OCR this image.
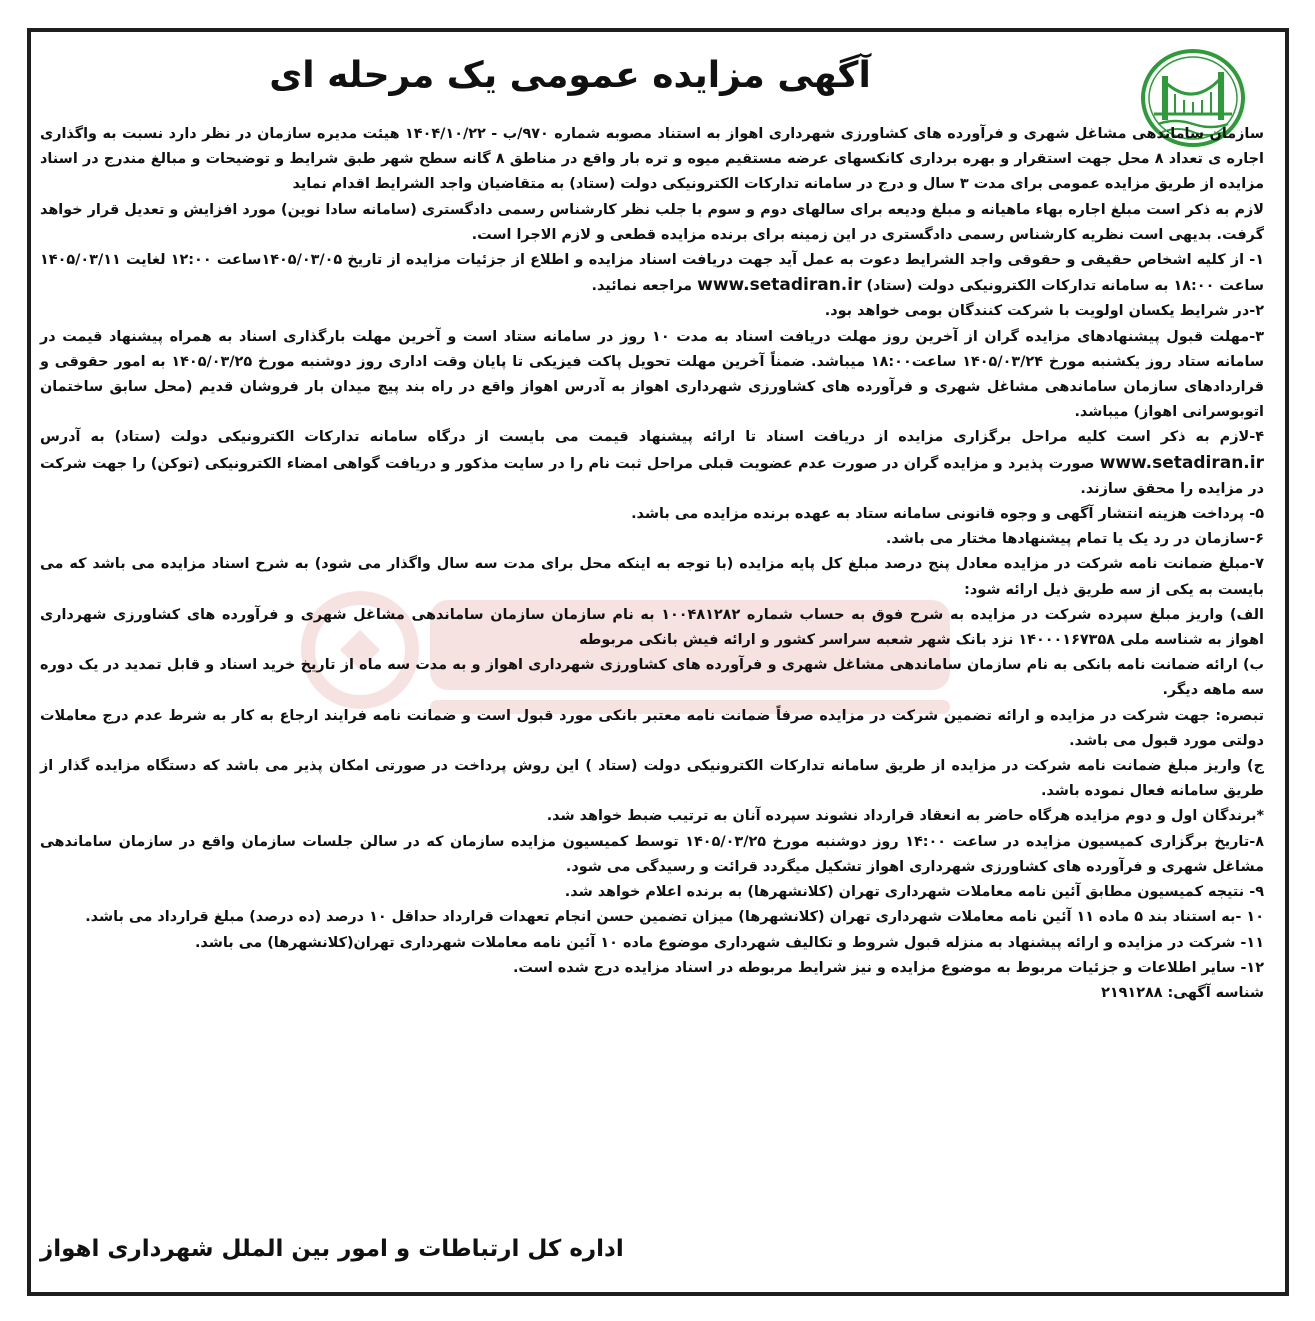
آگهی مزایده عمومی یک مرحله ای

سازمان ساماندهی مشاغل شهری و فرآورده های کشاورزی شهرداری اهواز به استناد مصوبه شماره ۹۷۰/ب - ۱۴۰۴/۱۰/۲۲ هیئت مدیره سازمان در نظر دارد نسبت به واگذاری اجاره ی تعداد ۸ محل جهت استقرار و بهره برداری کانکسهای عرضه مستقیم میوه و تره بار واقع در مناطق ۸ گانه سطح شهر طبق شرایط و توضیحات و مبالغ مندرج در اسناد مزایده از طریق مزایده عمومی برای مدت ۳ سال و درج در سامانه تدارکات الکترونیکی دولت (ستاد) به متقاضیان واجد الشرایط اقدام نماید

لازم به ذکر است مبلغ اجاره بهاء ماهیانه و مبلغ ودیعه برای سالهای دوم و سوم با جلب نظر کارشناس رسمی دادگستری (سامانه سادا نوین) مورد افزایش و تعدیل قرار خواهد گرفت. بدیهی است نظریه کارشناس رسمی دادگستری در این زمینه برای برنده مزایده قطعی و لازم الاجرا است.

۱- از کلیه اشخاص حقیقی و حقوقی واجد الشرایط دعوت به عمل آید جهت دریافت اسناد مزایده و اطلاع از جزئیات مزایده از تاریخ ۱۴۰۵/۰۳/۰۵ساعت ۱۲:۰۰ لغایت ۱۴۰۵/۰۳/۱۱ ساعت ۱۸:۰۰ به سامانه تدارکات الکترونیکی دولت (ستاد) www.setadiran.ir مراجعه نمائید.

۲-در شرایط یکسان اولویت با شرکت کنندگان بومی خواهد بود.

۳-مهلت قبول پیشنهادهای مزایده گران از آخرین روز مهلت دریافت اسناد به مدت ۱۰ روز در سامانه ستاد است و آخرین مهلت بارگذاری اسناد به همراه پیشنهاد قیمت در سامانه ستاد روز یکشنبه مورخ ۱۴۰۵/۰۳/۲۴ ساعت۱۸:۰۰ میباشد. ضمناً آخرین مهلت تحویل پاکت فیزیکی تا پایان وقت اداری روز دوشنبه مورخ ۱۴۰۵/۰۳/۲۵ به امور حقوقی و قراردادهای سازمان ساماندهی مشاغل شهری و فرآورده های کشاورزی شهرداری اهواز به آدرس اهواز واقع در راه بند پیچ میدان بار فروشان قدیم (محل سابق ساختمان اتوبوسرانی اهواز) میباشد.

۴-لازم به ذکر است کلیه مراحل برگزاری مزایده از دریافت اسناد تا ارائه پیشنهاد قیمت می بایست از درگاه سامانه تدارکات الکترونیکی دولت (ستاد) به آدرس www.setadiran.ir صورت پذیرد و مزایده گران در صورت عدم عضویت قبلی مراحل ثبت نام را در سایت مذکور و دریافت گواهی امضاء الکترونیکی (توکن) را جهت شرکت در مزایده را محقق سازند.

۵- پرداخت هزینه انتشار آگهی و وجوه قانونی سامانه ستاد به عهده برنده مزایده می باشد.

۶-سازمان در رد یک یا تمام پیشنهادها مختار می باشد.

۷-مبلغ ضمانت نامه شرکت در مزایده معادل پنج درصد مبلغ کل پایه مزایده (با توجه به اینکه محل برای مدت سه سال واگذار می شود) به شرح اسناد مزایده می باشد که می بایست به یکی از سه طریق ذیل ارائه شود:

الف) واریز مبلغ سپرده شرکت در مزایده به شرح فوق به حساب شماره ۱۰۰۴۸۱۲۸۲ به نام سازمان سازمان ساماندهی مشاغل شهری و فرآورده های کشاورزی شهرداری اهواز به شناسه ملی ۱۴۰۰۰۱۶۷۳۵۸ نزد بانک شهر شعبه سراسر کشور و ارائه فیش بانکی مربوطه

ب) ارائه ضمانت نامه بانکی به نام سازمان ساماندهی مشاغل شهری و فرآورده های کشاورزی شهرداری اهواز و به مدت سه ماه از تاریخ خرید اسناد و قابل تمدید در یک دوره سه ماهه دیگر.

تبصره: جهت شرکت در مزایده و ارائه تضمین شرکت در مزایده صرفاً ضمانت نامه معتبر بانکی مورد قبول است و ضمانت نامه فرایند ارجاع به کار به شرط عدم درج معاملات دولتی مورد قبول می باشد.

ج) واریز مبلغ ضمانت نامه شرکت در مزایده از طریق سامانه تدارکات الکترونیکی دولت (ستاد ) این روش پرداخت در صورتی امکان پذیر می باشد که دستگاه مزایده گذار از طریق سامانه فعال نموده باشد.

*برندگان اول و دوم مزایده هرگاه حاضر به انعقاد قرارداد نشوند سپرده آنان به ترتیب ضبط خواهد شد.

۸-تاریخ برگزاری کمیسیون مزایده در ساعت ۱۴:۰۰ روز دوشنبه مورخ ۱۴۰۵/۰۳/۲۵ توسط کمیسیون مزایده سازمان که در سالن جلسات سازمان واقع در سازمان ساماندهی مشاغل شهری و فرآورده های کشاورزی شهرداری اهواز تشکیل میگردد قرائت و رسیدگی می شود.

۹- نتیجه کمیسیون مطابق آئین نامه معاملات شهرداری تهران (کلانشهرها) به برنده اعلام خواهد شد.

۱۰ -به استناد بند ۵ ماده ۱۱ آئین نامه معاملات شهرداری تهران (کلانشهرها) میزان تضمین حسن انجام تعهدات قرارداد حداقل ۱۰ درصد (ده درصد) مبلغ قرارداد می باشد.

۱۱- شرکت در مزایده و ارائه پیشنهاد به منزله قبول شروط و تکالیف شهرداری موضوع ماده ۱۰ آئین نامه معاملات شهرداری تهران(کلانشهرها) می باشد.

۱۲- سایر اطلاعات و جزئیات مربوط به موضوع مزایده و نیز شرایط مربوطه در اسناد مزایده درج شده است.

شناسه آگهی: ۲۱۹۱۲۸۸

اداره کل ارتباطات و امور بین الملل شهرداری اهواز
